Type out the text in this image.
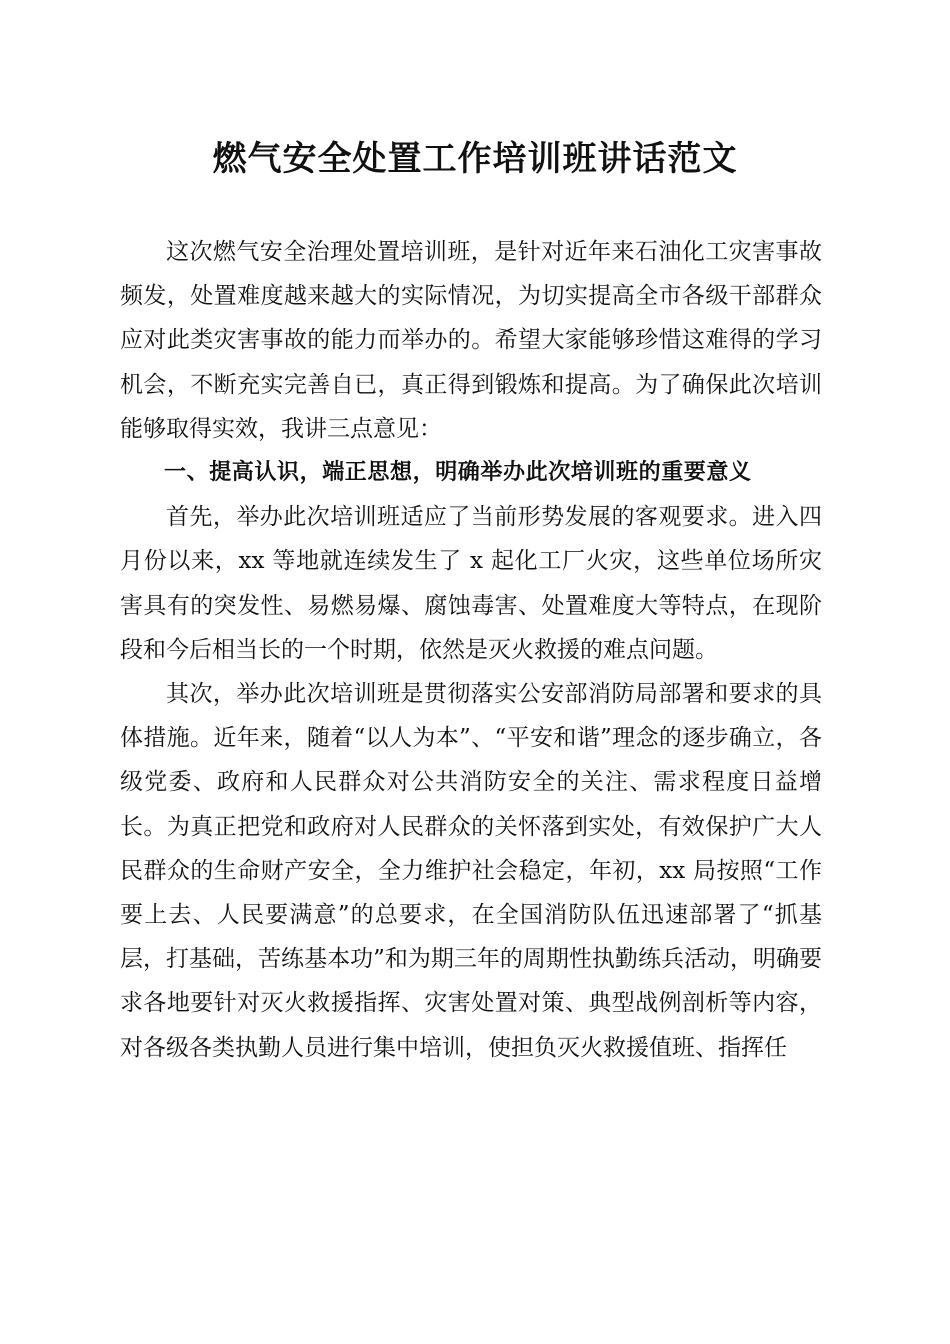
燃气安全处置工作培训班讲话范文

这次燃气安全治理处置培训班，是针对近年来石油化工灾害事故频发，处置难度越来越大的实际情况，为切实提高全市各级干部群众应对此类灾害事故的能力而举办的。希望大家能够珍惜这难得的学习机会，不断充实完善自已，真正得到锻炼和提高。为了确保此次培训能够取得实效，我讲三点意见：

一、提高认识，端正思想，明确举办此次培训班的重要意义

首先，举办此次培训班适应了当前形势发展的客观要求。进入四月份以来，xx 等地就连续发生了 x 起化工厂火灾，这些单位场所灾害具有的突发性、易燃易爆、腐蚀毒害、处置难度大等特点，在现阶段和今后相当长的一个时期，依然是灭火救援的难点问题。

其次，举办此次培训班是贯彻落实公安部消防局部署和要求的具体措施。近年来，随着“以人为本”、“平安和谐”理念的逐步确立，各级党委、政府和人民群众对公共消防安全的关注、需求程度日益增长。为真正把党和政府对人民群众的关怀落到实处，有效保护广大人民群众的生命财产安全，全力维护社会稳定，年初，xx 局按照“工作要上去、人民要满意”的总要求，在全国消防队伍迅速部署了“抓基层，打基础，苦练基本功”和为期三年的周期性执勤练兵活动，明确要求各地要针对灭火救援指挥、灾害处置对策、典型战例剖析等内容，对各级各类执勤人员进行集中培训，使担负灭火救援值班、指挥任
